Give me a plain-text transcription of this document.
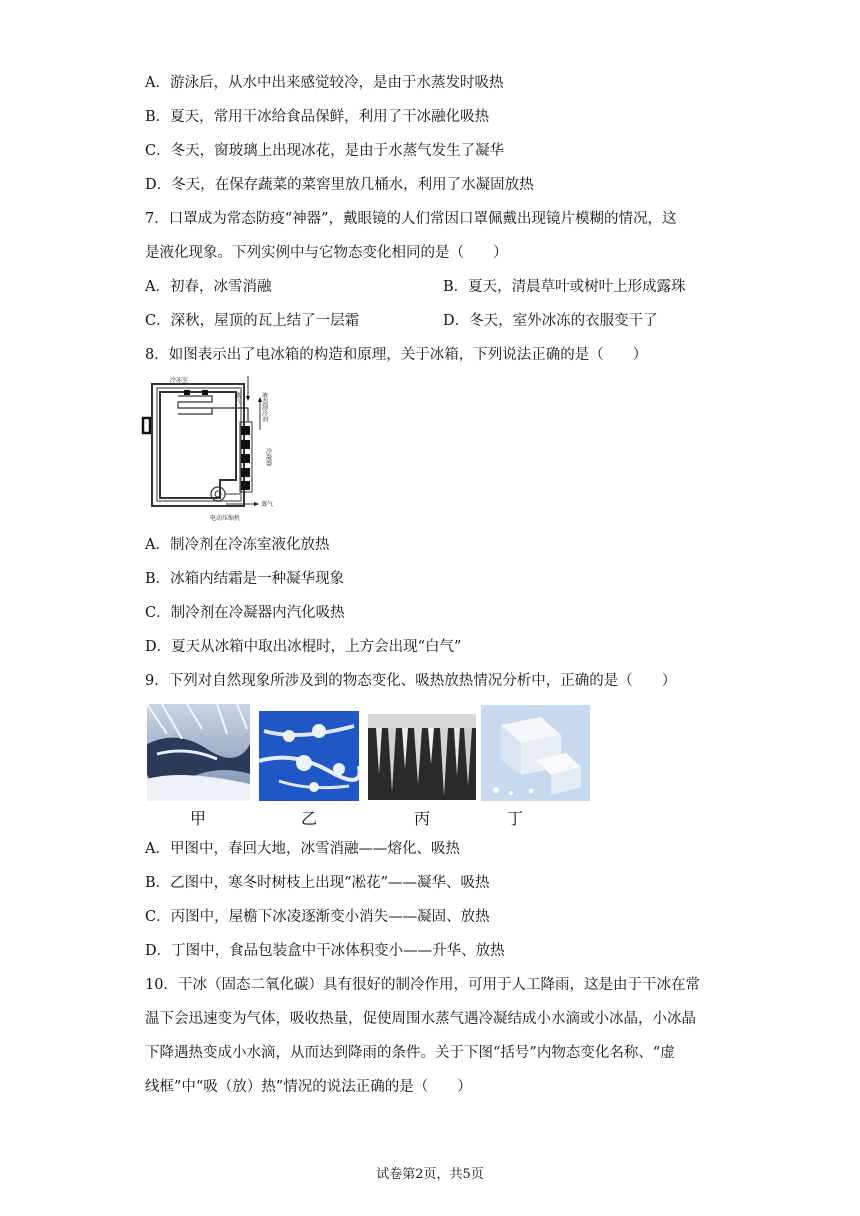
A．游泳后，从水中出来感觉较冷，是由于水蒸发时吸热
B．夏天，常用干冰给食品保鲜，利用了干冰融化吸热
C．冬天，窗玻璃上出现冰花，是由于水蒸气发生了凝华
D．冬天，在保存蔬菜的菜窖里放几桶水，利用了水凝固放热
7．口罩成为常态防疫“神器”，戴眼镜的人们常因口罩佩戴出现镜片模糊的情况，这
是液化现象。下列实例中与它物态变化相同的是（　　）
A．初春，冰雪消融	B．夏天，清晨草叶或树叶上形成露珠
C．深秋，屋顶的瓦上结了一层霜	D．冬天，室外冰冻的衣服变干了
8．如图表示出了电冰箱的构造和原理，关于冰箱，下列说法正确的是（　　）
冷冻室
蒸气	液态制冷剂
冷凝器
蒸气
电动压缩机
A．制冷剂在冷冻室液化放热
B．冰箱内结霜是一种凝华现象
C．制冷剂在冷凝器内汽化吸热
D．夏天从冰箱中取出冰棍时，上方会出现“白气”
9．下列对自然现象所涉及到的物态变化、吸热放热情况分析中，正确的是（　　）
甲	乙	丙	丁
A．甲图中，春回大地，冰雪消融——熔化、吸热
B．乙图中，寒冬时树枝上出现“凇花”——凝华、吸热
C．丙图中，屋檐下冰凌逐渐变小消失——凝固、放热
D．丁图中，食品包装盒中干冰体积变小——升华、放热
10．干冰（固态二氧化碳）具有很好的制冷作用，可用于人工降雨，这是由于干冰在常
温下会迅速变为气体，吸收热量，促使周围水蒸气遇冷凝结成小水滴或小冰晶，小冰晶
下降遇热变成小水滴，从而达到降雨的条件。关于下图“括号”内物态变化名称、“虚
线框”中“吸（放）热”情况的说法正确的是（　　）
试卷第2页，共5页
